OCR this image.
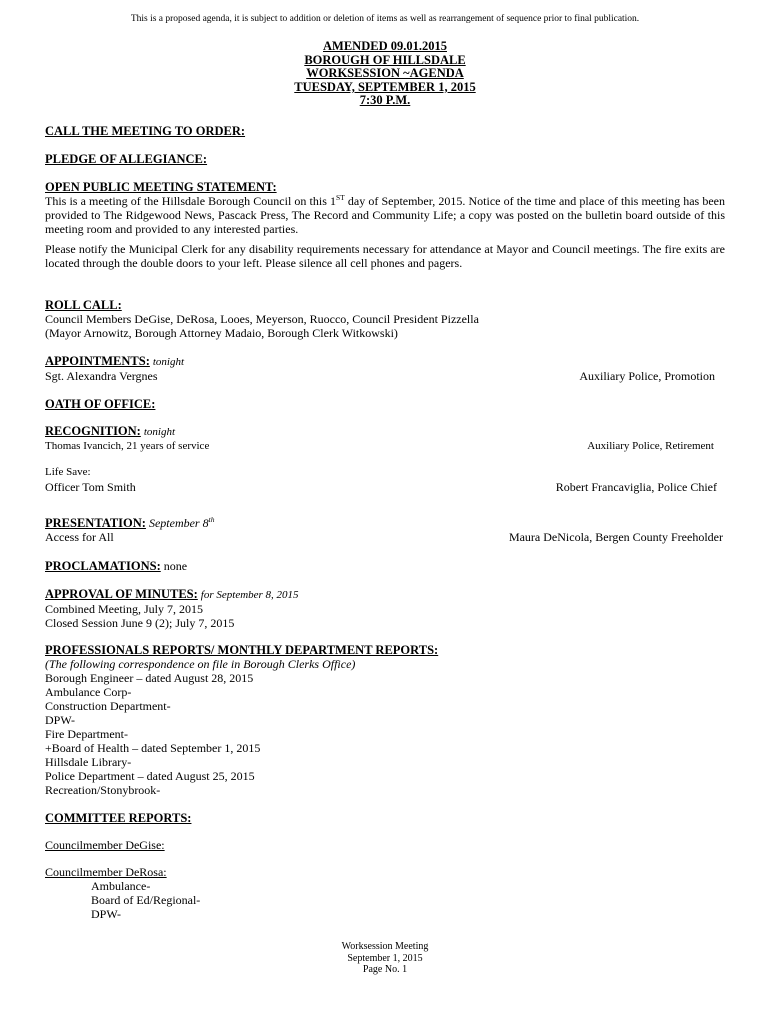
This is a proposed agenda, it is subject to addition or deletion of items as well as rearrangement of sequence prior to final publication.
AMENDED 09.01.2015
BOROUGH OF HILLSDALE
WORKSESSION ~AGENDA
TUESDAY, SEPTEMBER 1, 2015
7:30 P.M.
CALL THE MEETING TO ORDER:
PLEDGE OF ALLEGIANCE:
OPEN PUBLIC MEETING STATEMENT:
This is a meeting of the Hillsdale Borough Council on this 1ST day of September, 2015. Notice of the time and place of this meeting has been provided to The Ridgewood News, Pascack Press, The Record and Community Life; a copy was posted on the bulletin board outside of this meeting room and provided to any interested parties.
Please notify the Municipal Clerk for any disability requirements necessary for attendance at Mayor and Council meetings. The fire exits are located through the double doors to your left. Please silence all cell phones and pagers.
ROLL CALL:
Council Members DeGise, DeRosa, Looes, Meyerson, Ruocco, Council President Pizzella
(Mayor Arnowitz, Borough Attorney Madaio, Borough Clerk Witkowski)
APPOINTMENTS: tonight
Sgt. Alexandra Vergnes	Auxiliary Police, Promotion
OATH OF OFFICE:
RECOGNITION: tonight
Thomas Ivancich, 21 years of service	Auxiliary Police, Retirement
Life Save:
Officer Tom Smith	Robert Francaviglia, Police Chief
PRESENTATION: September 8th
Access for All	Maura DeNicola, Bergen County Freeholder
PROCLAMATIONS: none
APPROVAL OF MINUTES: for September 8, 2015
Combined Meeting, July 7, 2015
Closed Session June 9 (2); July 7, 2015
PROFESSIONALS REPORTS/ MONTHLY DEPARTMENT REPORTS:
(The following correspondence on file in Borough Clerks Office)
Borough Engineer – dated August 28, 2015
Ambulance Corp-
Construction Department-
DPW-
Fire Department-
+Board of Health – dated September 1, 2015
Hillsdale Library-
Police Department – dated August 25, 2015
Recreation/Stonybrook-
COMMITTEE REPORTS:
Councilmember DeGise:
Councilmember DeRosa:
Ambulance-
Board of Ed/Regional-
DPW-
Worksession Meeting
September 1, 2015
Page No. 1
